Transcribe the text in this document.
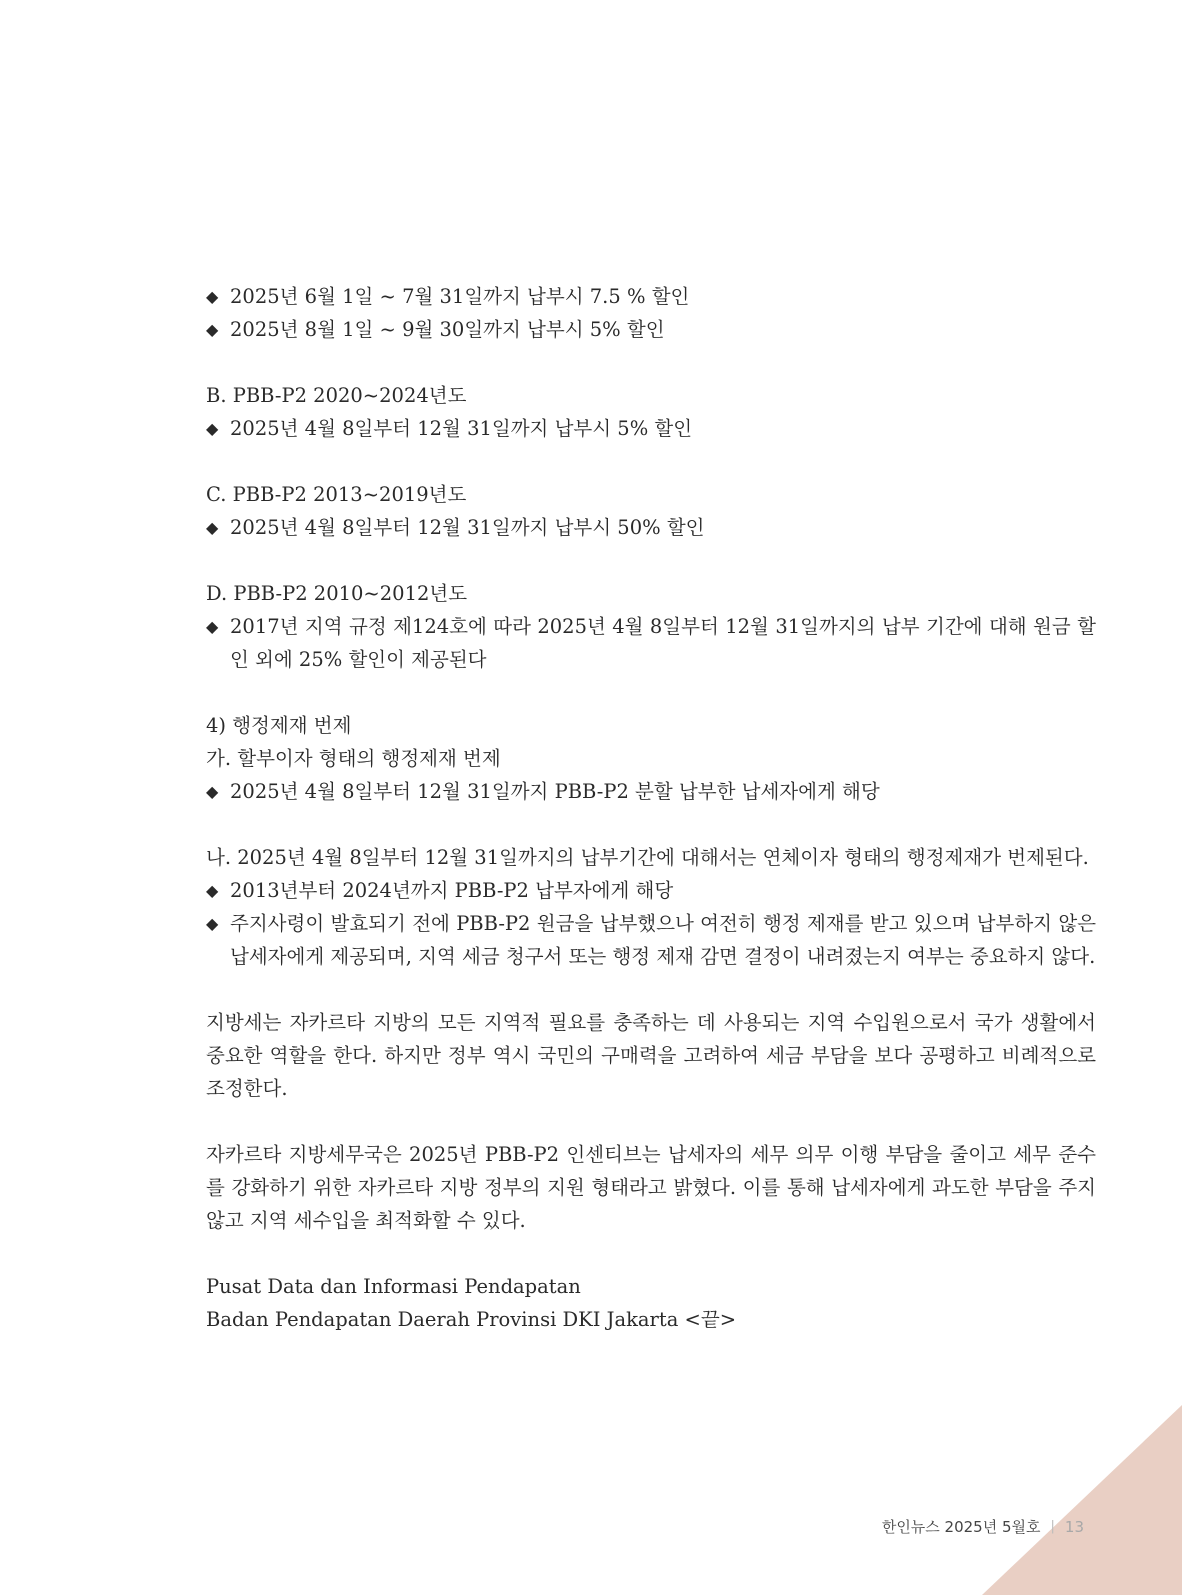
◆ 2025년 6월 1일 ~ 7월 31일까지 납부시 7.5 % 할인
◆ 2025년 8월 1일 ~ 9월 30일까지 납부시 5% 할인
B. PBB-P2 2020~2024년도
◆ 2025년 4월 8일부터 12월 31일까지 납부시 5% 할인
C. PBB-P2 2013~2019년도
◆ 2025년 4월 8일부터 12월 31일까지 납부시 50% 할인
D. PBB-P2 2010~2012년도
◆ 2017년 지역 규정 제124호에 따라 2025년 4월 8일부터 12월 31일까지의 납부 기간에 대해 원금 할인 외에 25% 할인이 제공된다
4) 행정제재 번제
가. 할부이자 형태의 행정제재 번제
◆ 2025년 4월 8일부터 12월 31일까지 PBB-P2 분할 납부한 납세자에게 해당
나. 2025년 4월 8일부터 12월 31일까지의 납부기간에 대해서는 연체이자 형태의 행정제재가 번제된다.
◆ 2013년부터 2024년까지 PBB-P2 납부자에게 해당
◆ 주지사령이 발효되기 전에 PBB-P2 원금을 납부했으나 여전히 행정 제재를 받고 있으며 납부하지 않은 납세자에게 제공되며, 지역 세금 청구서 또는 행정 제재 감면 결정이 내려졌는지 여부는 중요하지 않다.
지방세는 자카르타 지방의 모든 지역적 필요를 충족하는 데 사용되는 지역 수입원으로서 국가 생활에서 중요한 역할을 한다. 하지만 정부 역시 국민의 구매력을 고려하여 세금 부담을 보다 공평하고 비례적으로 조정한다.
자카르타 지방세무국은 2025년 PBB-P2 인센티브는 납세자의 세무 의무 이행 부담을 줄이고 세무 준수를 강화하기 위한 자카르타 지방 정부의 지원 형태라고 밝혔다. 이를 통해 납세자에게 과도한 부담을 주지 않고 지역 세수입을 최적화할 수 있다.
Pusat Data dan Informasi Pendapatan
Badan Pendapatan Daerah Provinsi DKI Jakarta <끝>
한인뉴스 2025년 5월호 | 13
